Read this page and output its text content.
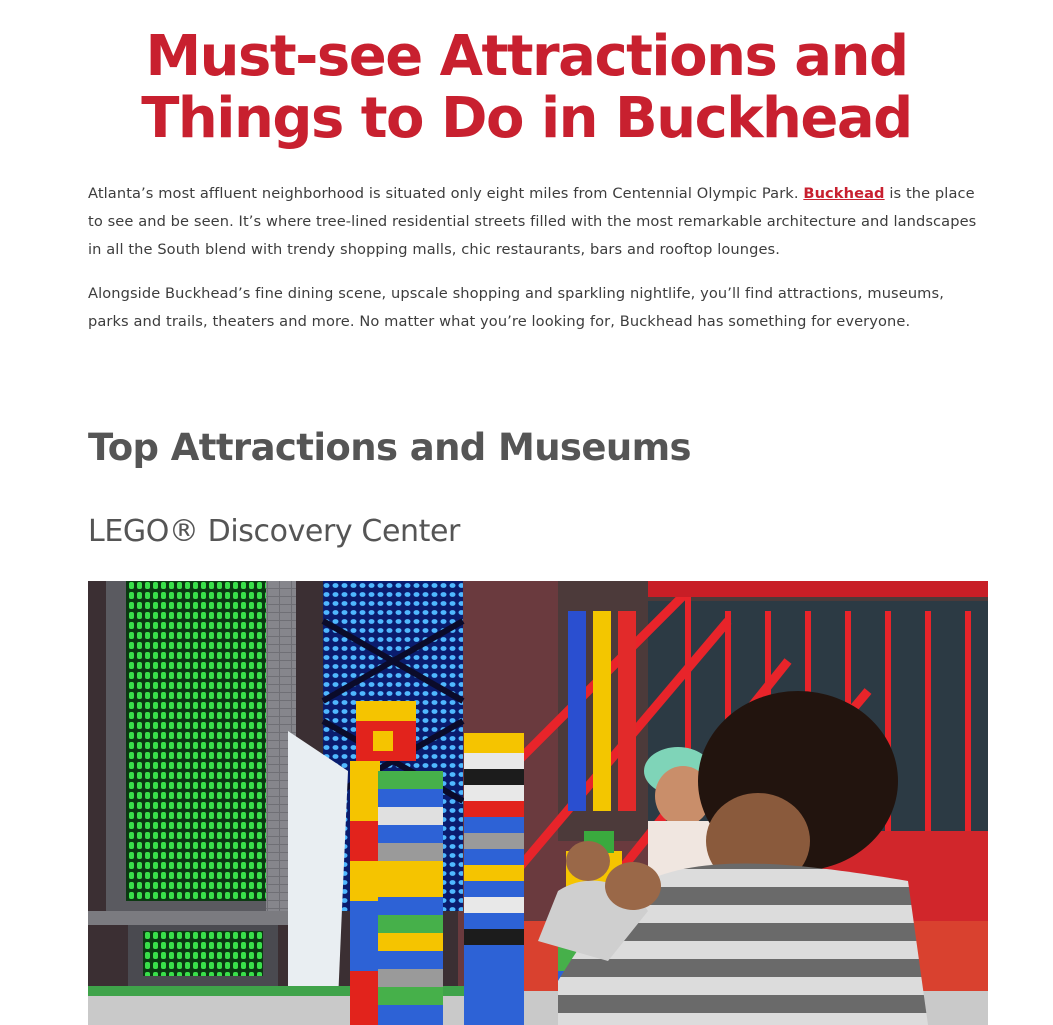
Must-see Attractions and
Things to Do in Buckhead

Atlanta’s most affluent neighborhood is situated only eight miles from Centennial Olympic Park. Buckhead is the place to see and be seen. It’s where tree-lined residential streets filled with the most remarkable architecture and landscapes in all the South blend with trendy shopping malls, chic restaurants, bars and rooftop lounges.

Alongside Buckhead’s fine dining scene, upscale shopping and sparkling nightlife, you’ll find attractions, museums, parks and trails, theaters and more. No matter what you’re looking for, Buckhead has something for everyone.

Top Attractions and Museums
LEGO® Discovery Center
